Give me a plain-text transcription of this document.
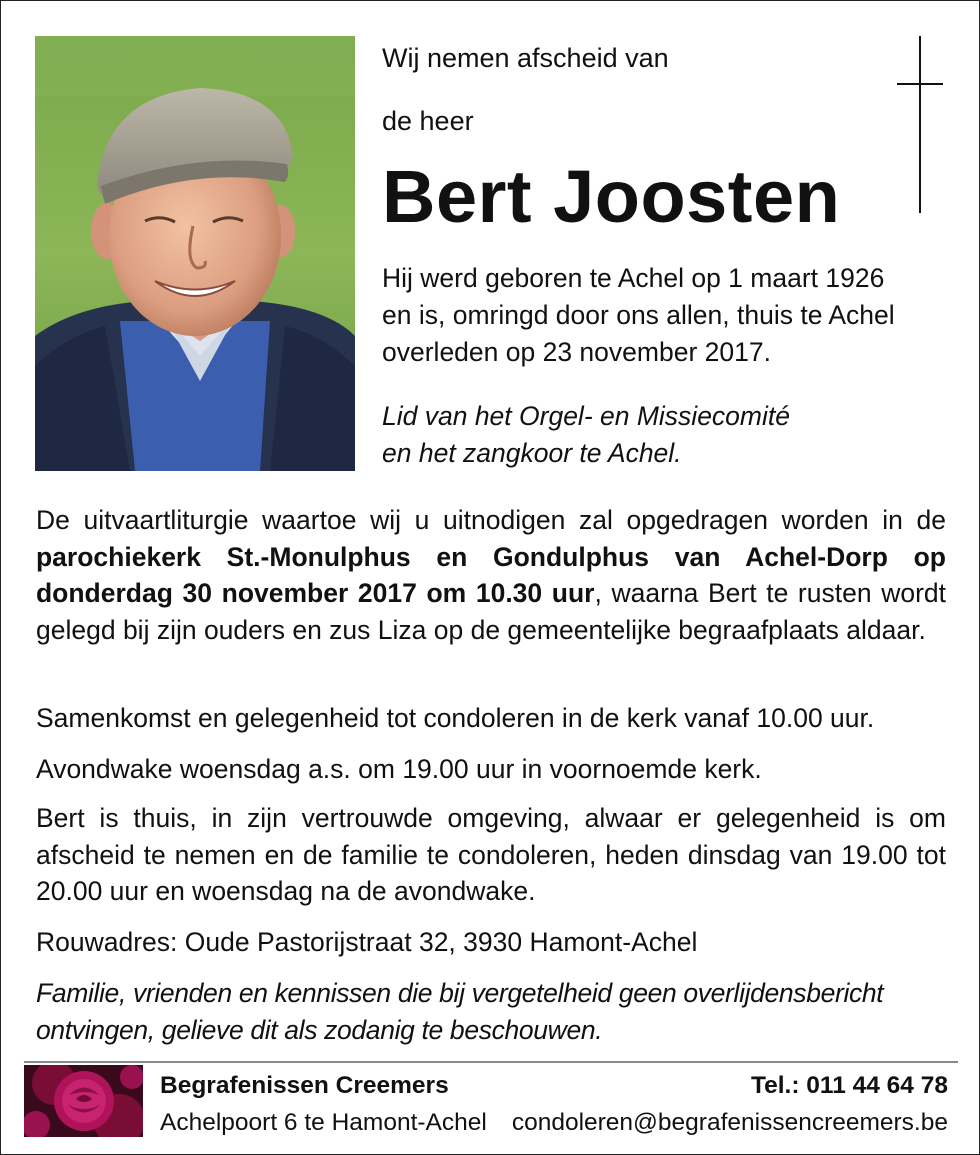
Wij nemen afscheid van
de heer
Bert Joosten
Hij werd geboren te Achel op 1 maart 1926
en is, omringd door ons allen, thuis te Achel
overleden op 23 november 2017.
Lid van het Orgel- en Missiecomité
en het zangkoor te Achel.
De uitvaartliturgie waartoe wij u uitnodigen zal opgedragen worden in de parochiekerk St.-Monulphus en Gondulphus van Achel-Dorp op donderdag 30 november 2017 om 10.30 uur, waarna Bert te rusten wordt gelegd bij zijn ouders en zus Liza op de gemeentelijke begraafplaats aldaar.
Samenkomst en gelegenheid tot condoleren in de kerk vanaf 10.00 uur.
Avondwake woensdag a.s. om 19.00 uur in voornoemde kerk.
Bert is thuis, in zijn vertrouwde omgeving, alwaar er gelegenheid is om afscheid te nemen en de familie te condoleren, heden dinsdag van 19.00 tot 20.00 uur en woensdag na de avondwake.
Rouwadres: Oude Pastorijstraat 32, 3930 Hamont-Achel
Familie, vrienden en kennissen die bij vergetelheid geen overlijdensbericht
ontvingen, gelieve dit als zodanig te beschouwen.
Begrafenissen Creemers
Achelpoort 6 te Hamont-Achel
Tel.: 011 44 64 78
condoleren@begrafenissencreemers.be
